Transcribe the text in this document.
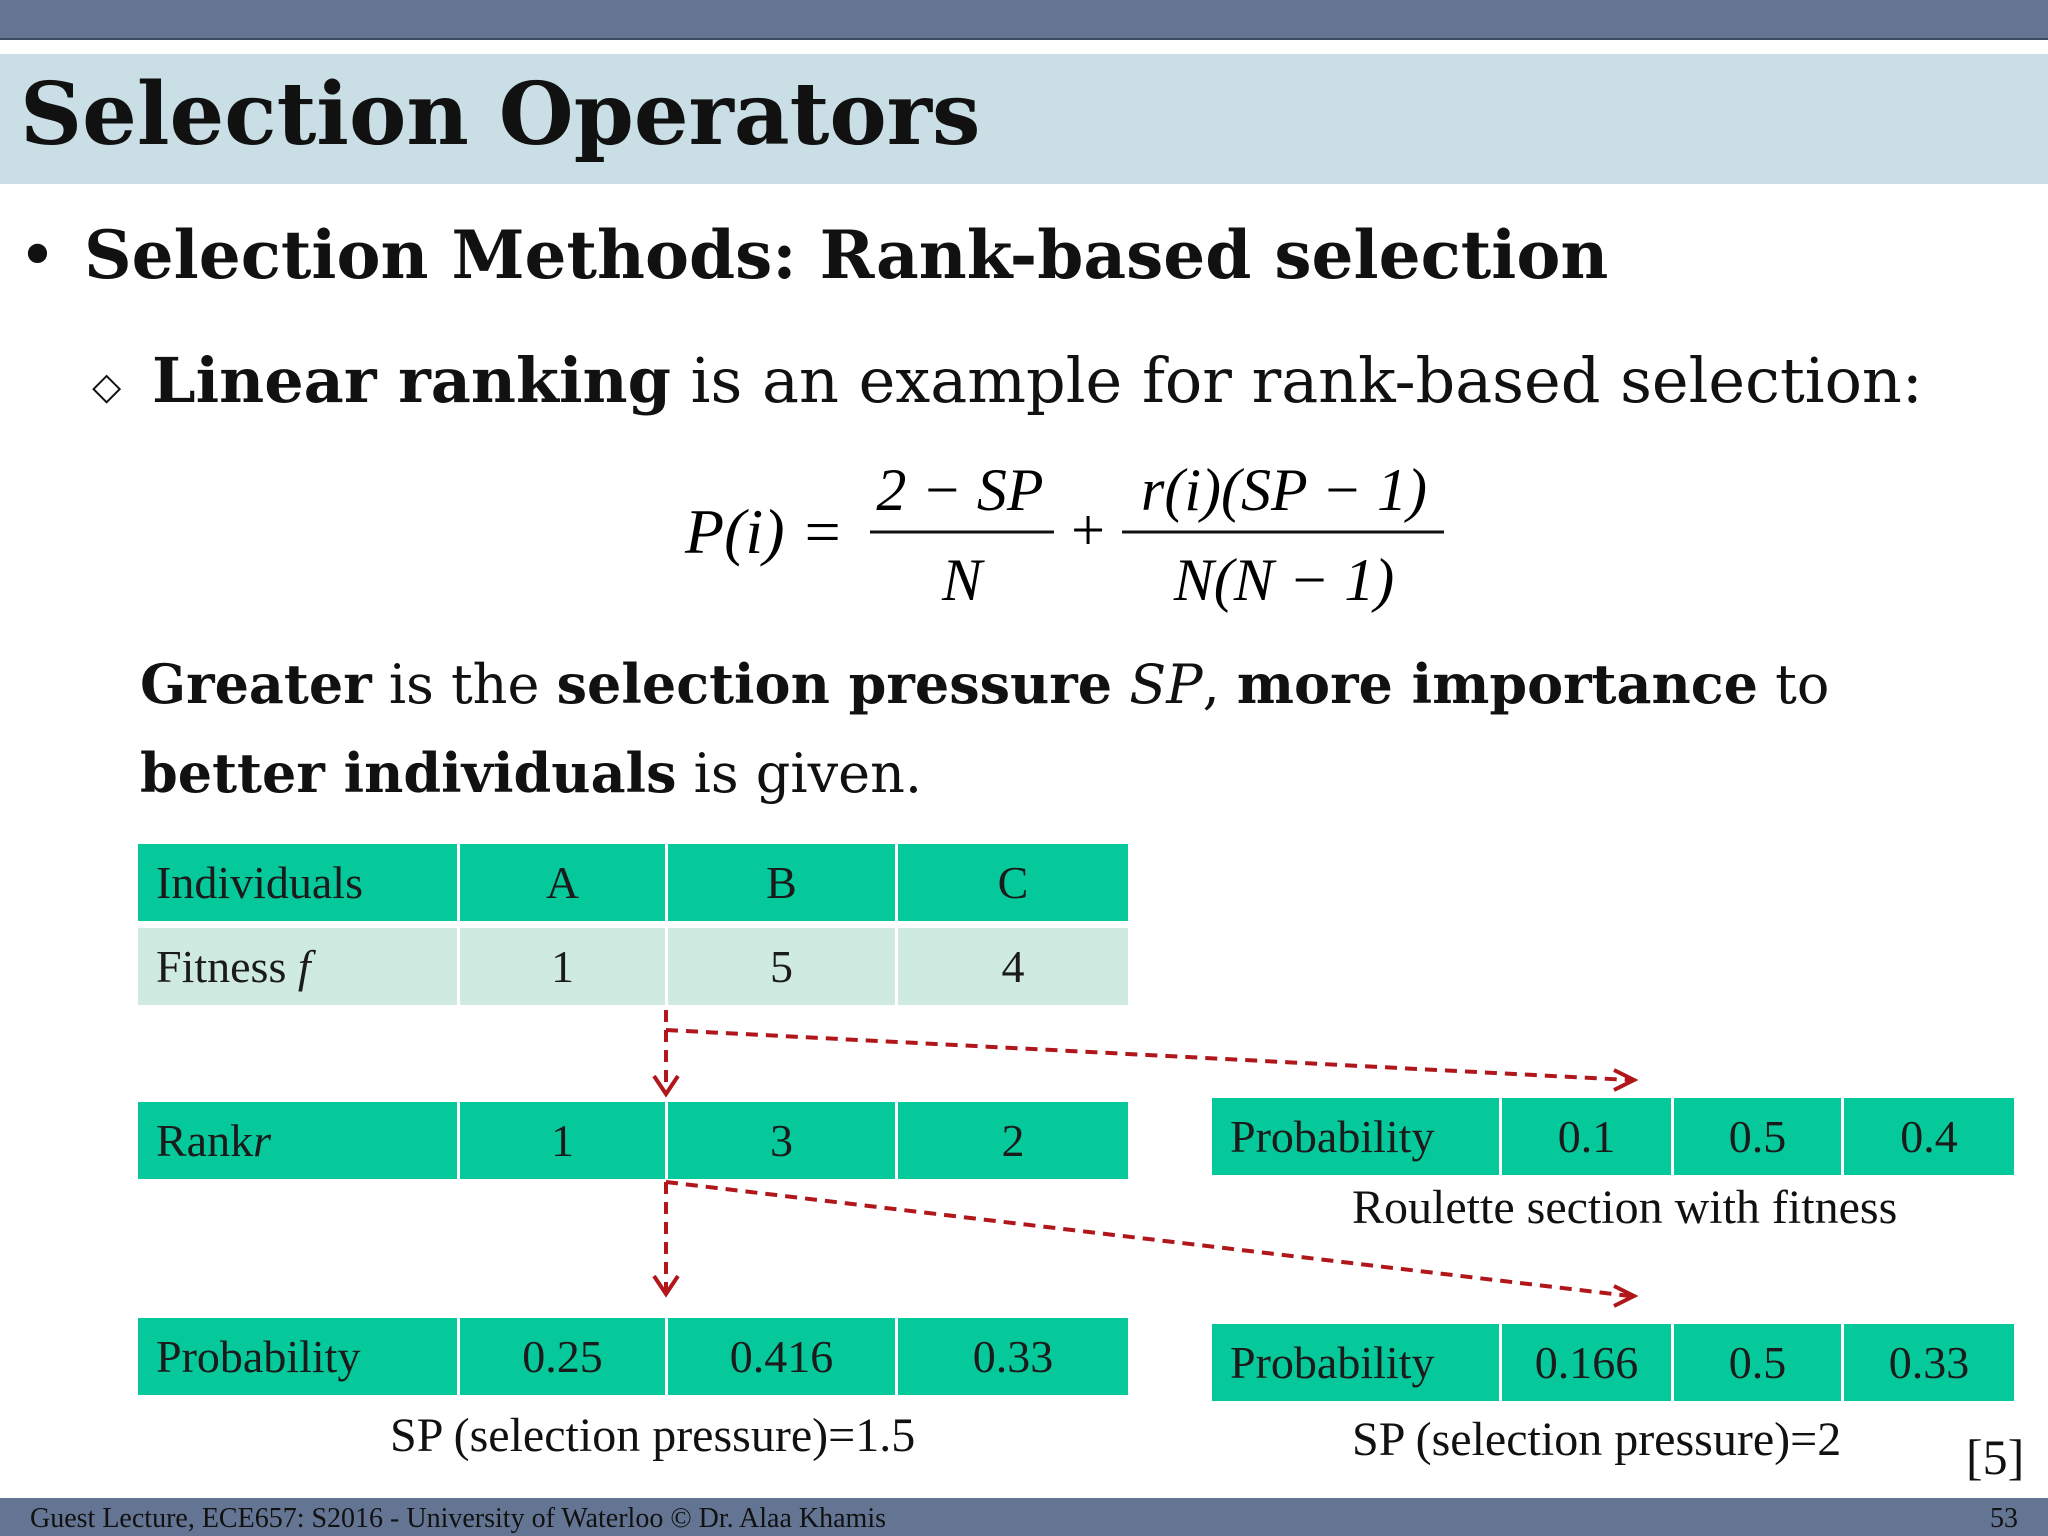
Selection Operators
• Selection Methods: Rank-based selection
◇ Linear ranking is an example for rank-based selection:
P(i) =
2 − SP
N
+
r(i)(SP − 1)
N(N − 1)
Greater is the selection pressure SP, more importance to better individuals is given.
Individuals	A	B	C
Fitness f	1	5	4
Rank r	1	3	2
Probability	0.25	0.416	0.33
Probability	0.1	0.5	0.4
Probability	0.166	0.5	0.33
SP (selection pressure)=1.5
Roulette section with fitness
SP (selection pressure)=2 [5]
Guest Lecture, ECE657: S2016 - University of Waterloo © Dr. Alaa Khamis	53
